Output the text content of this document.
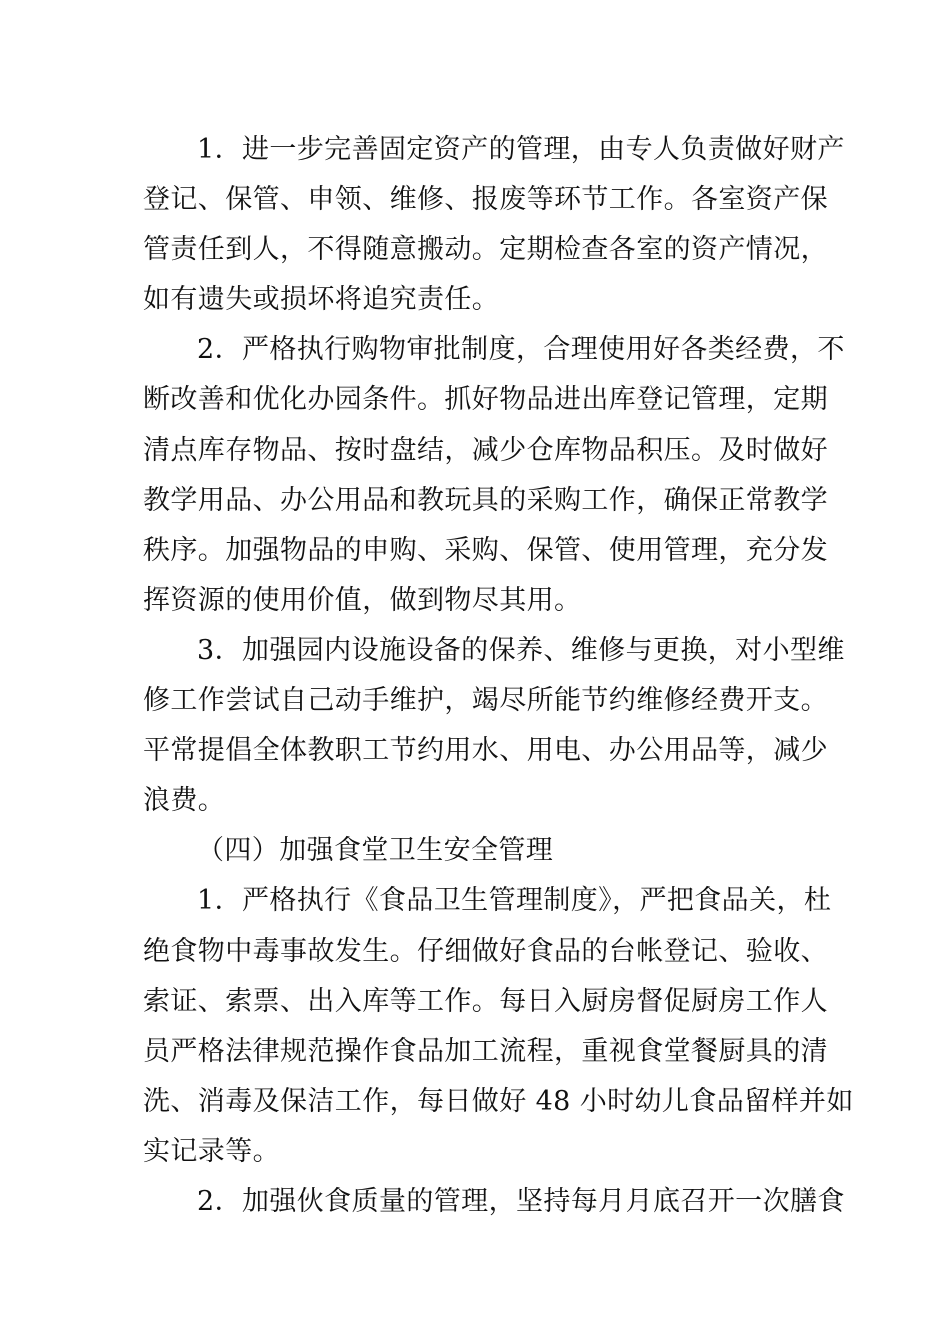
1．进一步完善固定资产的管理，由专人负责做好财产
登记、保管、申领、维修、报废等环节工作。各室资产保
管责任到人，不得随意搬动。定期检查各室的资产情况，
如有遗失或损坏将追究责任。
2．严格执行购物审批制度，合理使用好各类经费，不
断改善和优化办园条件。抓好物品进出库登记管理，定期
清点库存物品、按时盘结，减少仓库物品积压。及时做好
教学用品、办公用品和教玩具的采购工作，确保正常教学
秩序。加强物品的申购、采购、保管、使用管理，充分发
挥资源的使用价值，做到物尽其用。
3．加强园内设施设备的保养、维修与更换，对小型维
修工作尝试自己动手维护，竭尽所能节约维修经费开支。
平常提倡全体教职工节约用水、用电、办公用品等，减少
浪费。
（四）加强食堂卫生安全管理
1．严格执行《食品卫生管理制度》，严把食品关，杜
绝食物中毒事故发生。仔细做好食品的台帐登记、验收、
索证、索票、出入库等工作。每日入厨房督促厨房工作人
员严格法律规范操作食品加工流程，重视食堂餐厨具的清
洗、消毒及保洁工作，每日做好 48 小时幼儿食品留样并如
实记录等。
2．加强伙食质量的管理，坚持每月月底召开一次膳食
